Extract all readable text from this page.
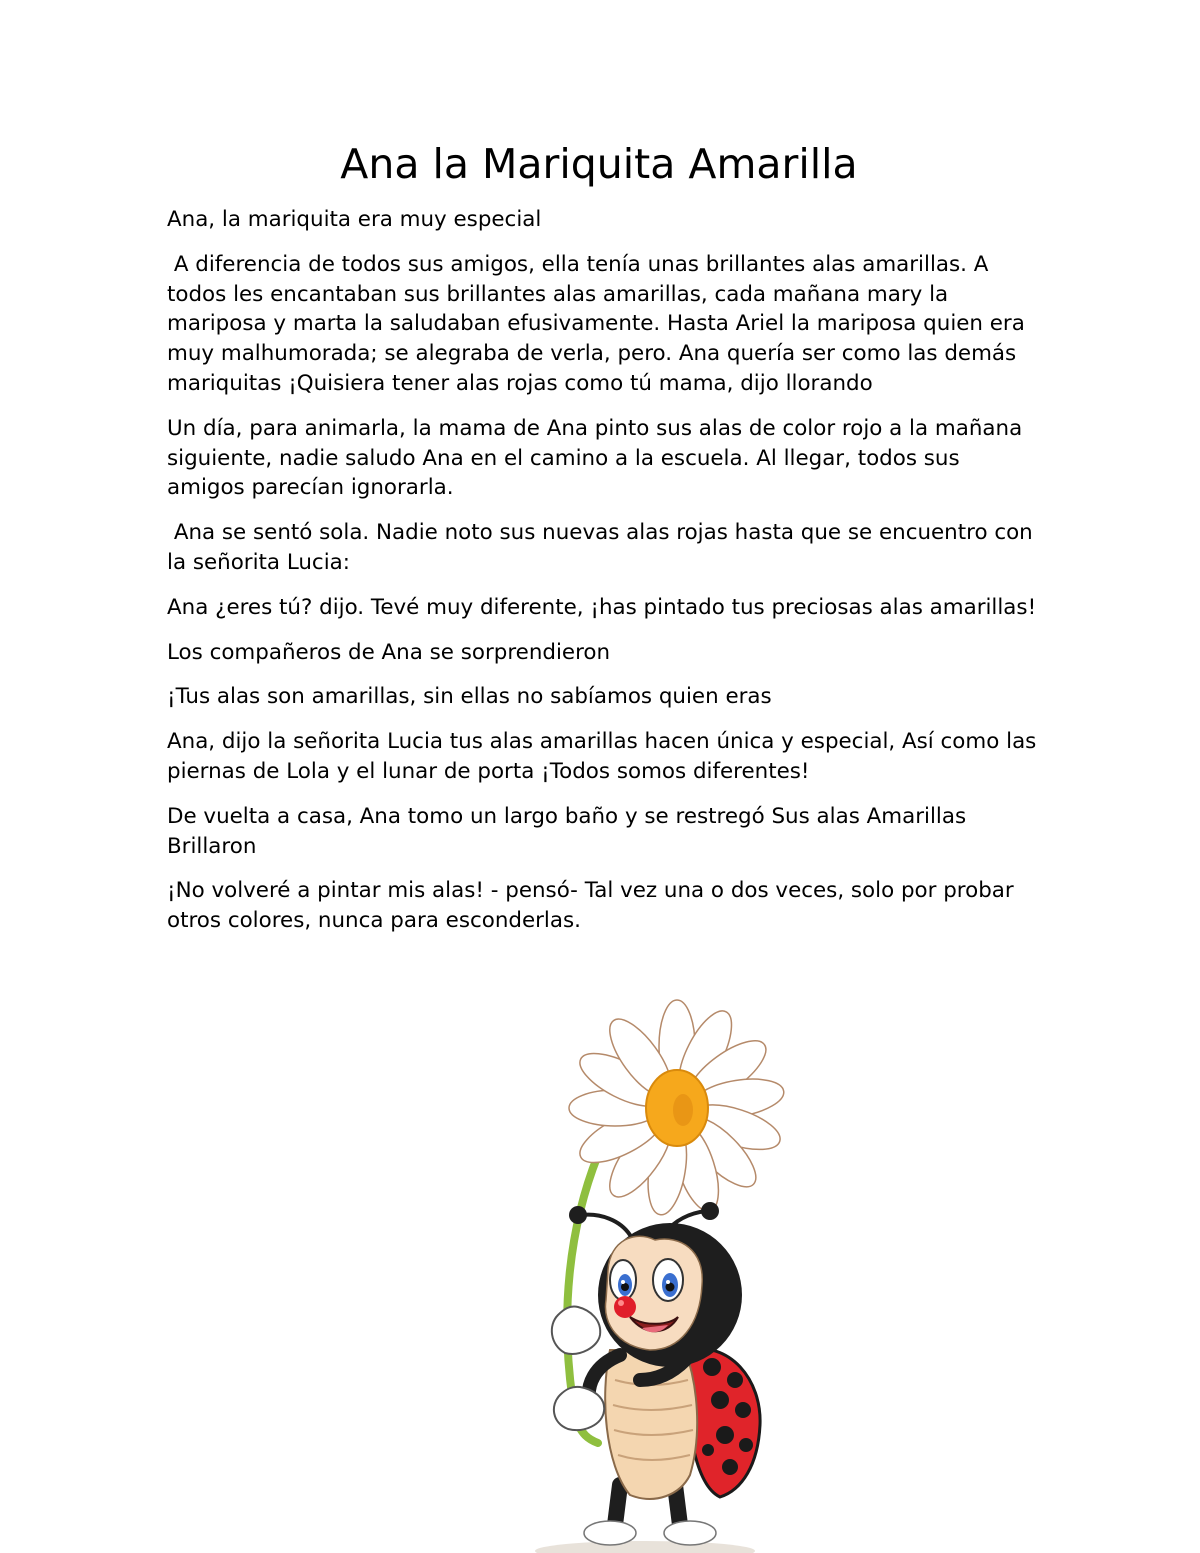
Ana la Mariquita Amarilla

Ana, la mariquita era muy especial

A diferencia de todos sus amigos, ella tenía unas brillantes alas amarillas. A todos les encantaban sus brillantes alas amarillas, cada mañana mary la mariposa y marta la saludaban efusivamente. Hasta Ariel la mariposa quien era muy malhumorada; se alegraba de verla, pero. Ana quería ser como las demás mariquitas ¡Quisiera tener alas rojas como tú mama, dijo llorando

Un día, para animarla, la mama de Ana pinto sus alas de color rojo a la mañana siguiente, nadie saludo Ana en el camino a la escuela. Al llegar, todos sus amigos parecían ignorarla.

Ana se sentó sola. Nadie noto sus nuevas alas rojas hasta que se encuentro con la señorita Lucia:

Ana ¿eres tú? dijo. Tevé muy diferente, ¡has pintado tus preciosas alas amarillas!

Los compañeros de Ana se sorprendieron

¡Tus alas son amarillas, sin ellas no sabíamos quien eras

Ana, dijo la señorita Lucia tus alas amarillas hacen única y especial, Así como las piernas de Lola y el lunar de porta ¡Todos somos diferentes!

De vuelta a casa, Ana tomo un largo baño y se restregó Sus alas Amarillas Brillaron

¡No volveré a pintar mis alas! - pensó- Tal vez una o dos veces, solo por probar otros colores, nunca para esconderlas.
